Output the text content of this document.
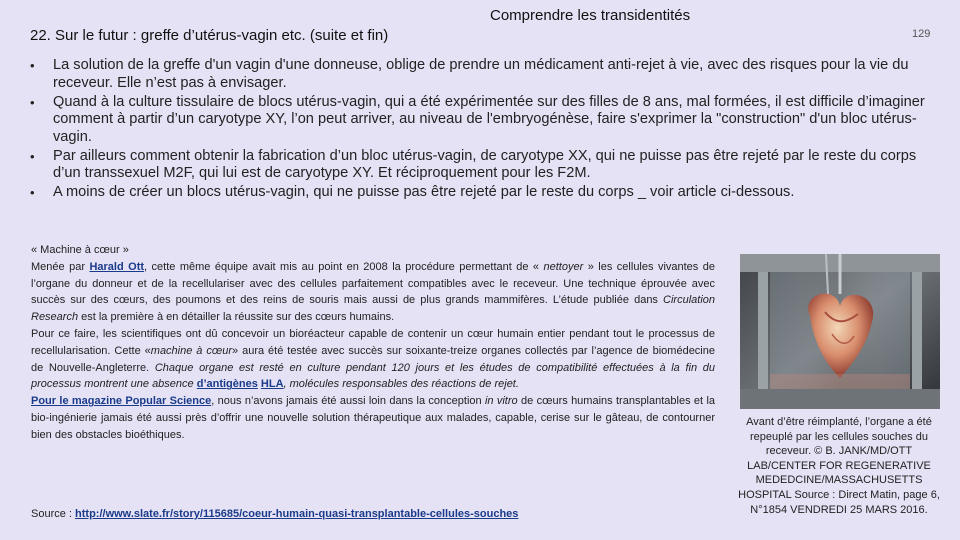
22. Sur le futur : greffe d’utérus-vagin etc. (suite et fin)
Comprendre les transidentités
129
•	La solution de la greffe d'un vagin d'une donneuse, oblige de prendre un médicament anti-rejet à vie, avec des risques pour la vie du receveur. Elle n’est pas à envisager.
•	Quand à la culture tissulaire de blocs utérus-vagin, qui a été expérimentée sur des filles de 8 ans, mal formées, il est difficile d’imaginer comment à partir d’un caryotype XY, l’on peut arriver, au niveau de l'embryogénèse, faire s'exprimer la "construction" d'un bloc utérus-vagin.
•	Par ailleurs comment obtenir la fabrication d’un bloc utérus-vagin, de caryotype XX, qui ne puisse pas être rejeté par le reste du corps d’un transsexuel M2F, qui lui est de caryotype XY. Et réciproquement pour les F2M.
•	A moins de créer un blocs utérus-vagin, qui ne puisse pas être rejeté par le reste du corps _ voir article ci-dessous.

« Machine à cœur »

Menée par Harald Ott, cette même équipe avait mis au point en 2008 la procédure permettant de « nettoyer » les cellules vivantes de l’organe du donneur et de la recellulariser avec des cellules parfaitement compatibles avec le receveur. Une technique éprouvée avec succès sur des cœurs, des poumons et des reins de souris mais aussi de plus grands mammifères. L’étude publiée dans Circulation Research est la première à en détailler la réussite sur des cœurs humains.

Pour ce faire, les scientifiques ont dû concevoir un bioréacteur capable de contenir un cœur humain entier pendant tout le processus de recellularisation. Cette «machine à cœur» aura été testée avec succès sur soixante-treize organes collectés par l’agence de biomédecine de Nouvelle-Angleterre. Chaque organe est resté en culture pendant 120 jours et les études de compatibilité effectuées à la fin du processus montrent une absence d’antigènes HLA, molécules responsables des réactions de rejet.

Pour le magazine Popular Science, nous n’avons jamais été aussi loin dans la conception in vitro de cœurs humains transplantables et la bio-ingénierie jamais été aussi près d’offrir une nouvelle solution thérapeutique aux malades, capable, cerise sur le gâteau, de contourner bien des obstacles bioéthiques.

Source : http://www.slate.fr/story/115685/coeur-humain-quasi-transplantable-cellules-souches
Avant d’être réimplanté, l’organe a été repeuplé par les cellules souches du receveur. © B. JANK/MD/OTT LAB/CENTER FOR REGENERATIVE MEDEDCINE/MASSACHUSETTS HOSPITAL Source : Direct Matin, page 6, N°1854 VENDREDI 25 MARS 2016.
